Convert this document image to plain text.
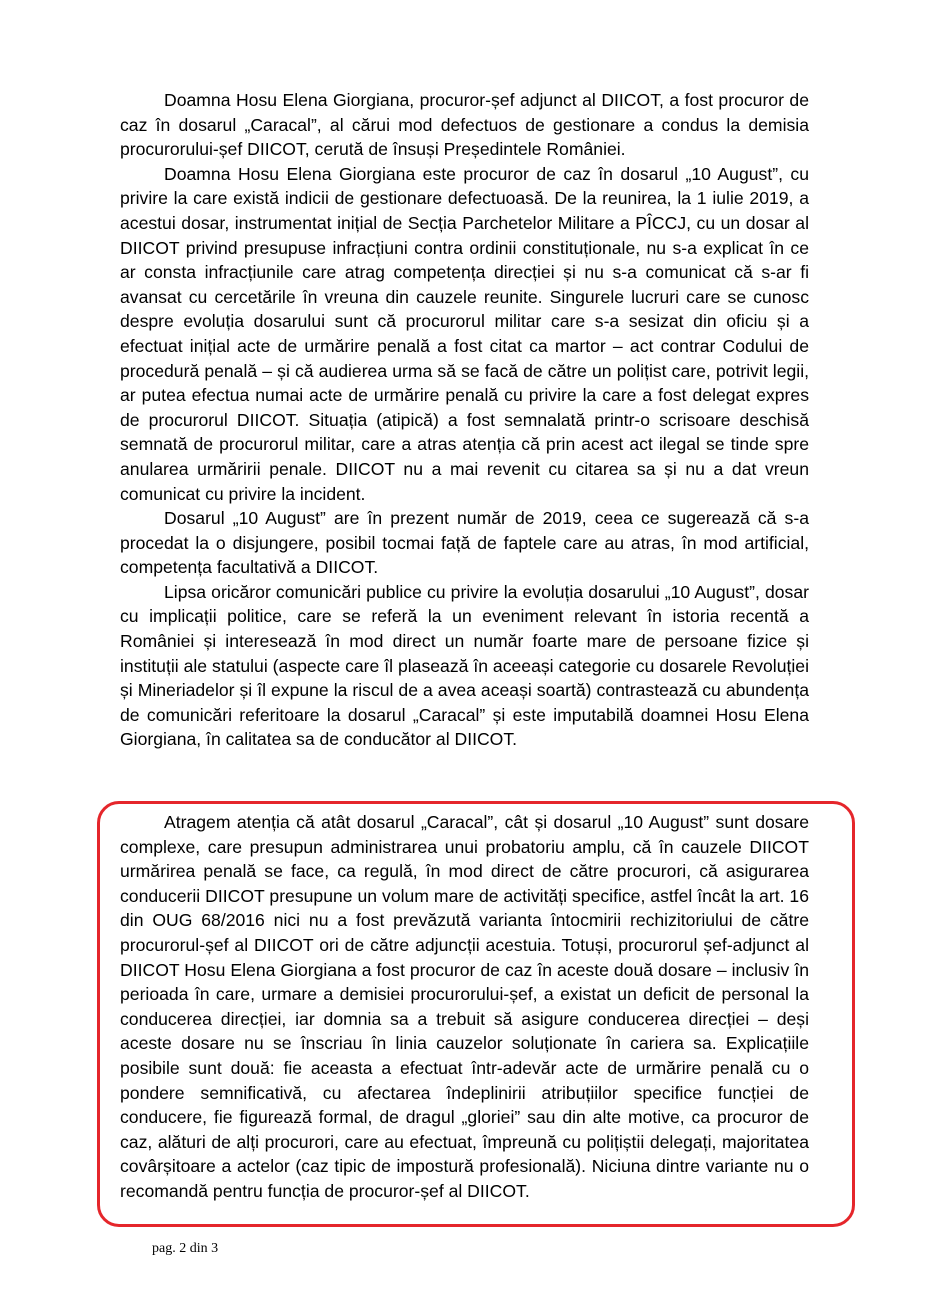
Doamna Hosu Elena Giorgiana, procuror-șef adjunct al DIICOT, a fost procuror de caz în dosarul „Caracal”, al cărui mod defectuos de gestionare a condus la demisia procurorului-șef DIICOT, cerută de însuși Președintele României.

Doamna Hosu Elena Giorgiana este procuror de caz în dosarul „10 August”, cu privire la care există indicii de gestionare defectuoasă. De la reunirea, la 1 iulie 2019, a acestui dosar, instrumentat inițial de Secția Parchetelor Militare a PÎCCJ, cu un dosar al DIICOT privind presupuse infracțiuni contra ordinii constituționale, nu s-a explicat în ce ar consta infracțiunile care atrag competența direcției și nu s-a comunicat că s-ar fi avansat cu cercetările în vreuna din cauzele reunite. Singurele lucruri care se cunosc despre evoluția dosarului sunt că procurorul militar care s-a sesizat din oficiu și a efectuat inițial acte de urmărire penală a fost citat ca martor – act contrar Codului de procedură penală – și că audierea urma să se facă de către un polițist care, potrivit legii, ar putea efectua numai acte de urmărire penală cu privire la care a fost delegat expres de procurorul DIICOT. Situația (atipică) a fost semnalată printr-o scrisoare deschisă semnată de procurorul militar, care a atras atenția că prin acest act ilegal se tinde spre anularea urmăririi penale. DIICOT nu a mai revenit cu citarea sa și nu a dat vreun comunicat cu privire la incident.

Dosarul „10 August” are în prezent număr de 2019, ceea ce sugerează că s-a procedat la o disjungere, posibil tocmai față de faptele care au atras, în mod artificial, competența facultativă a DIICOT.

Lipsa oricăror comunicări publice cu privire la evoluția dosarului „10 August”, dosar cu implicații politice, care se referă la un eveniment relevant în istoria recentă a României și interesează în mod direct un număr foarte mare de persoane fizice și instituții ale statului (aspecte care îl plasează în aceeași categorie cu dosarele Revoluției și Mineriadelor și îl expune la riscul de a avea aceași soartă) contrastează cu abundența de comunicări referitoare la dosarul „Caracal” și este imputabilă doamnei Hosu Elena Giorgiana, în calitatea sa de conducător al DIICOT.

Atragem atenția că atât dosarul „Caracal”, cât și dosarul „10 August” sunt dosare complexe, care presupun administrarea unui probatoriu amplu, că în cauzele DIICOT urmărirea penală se face, ca regulă, în mod direct de către procurori, că asigurarea conducerii DIICOT presupune un volum mare de activități specifice, astfel încât la art. 16 din OUG 68/2016 nici nu a fost prevăzută varianta întocmirii rechizitoriului de către procurorul-șef al DIICOT ori de către adjuncții acestuia. Totuși, procurorul șef-adjunct al DIICOT Hosu Elena Giorgiana a fost procuror de caz în aceste două dosare – inclusiv în perioada în care, urmare a demisiei procurorului-șef, a existat un deficit de personal la conducerea direcției, iar domnia sa a trebuit să asigure conducerea direcției – deși aceste dosare nu se înscriau în linia cauzelor soluționate în cariera sa. Explicațiile posibile sunt două: fie aceasta a efectuat într-adevăr acte de urmărire penală cu o pondere semnificativă, cu afectarea îndeplinirii atribuțiilor specifice funcției de conducere, fie figurează formal, de dragul „gloriei” sau din alte motive, ca procuror de caz, alături de alți procurori, care au efectuat, împreună cu polițiștii delegați, majoritatea covârșitoare a actelor (caz tipic de impostură profesională). Niciuna dintre variante nu o recomandă pentru funcția de procuror-șef al DIICOT.

pag. 2 din 3
